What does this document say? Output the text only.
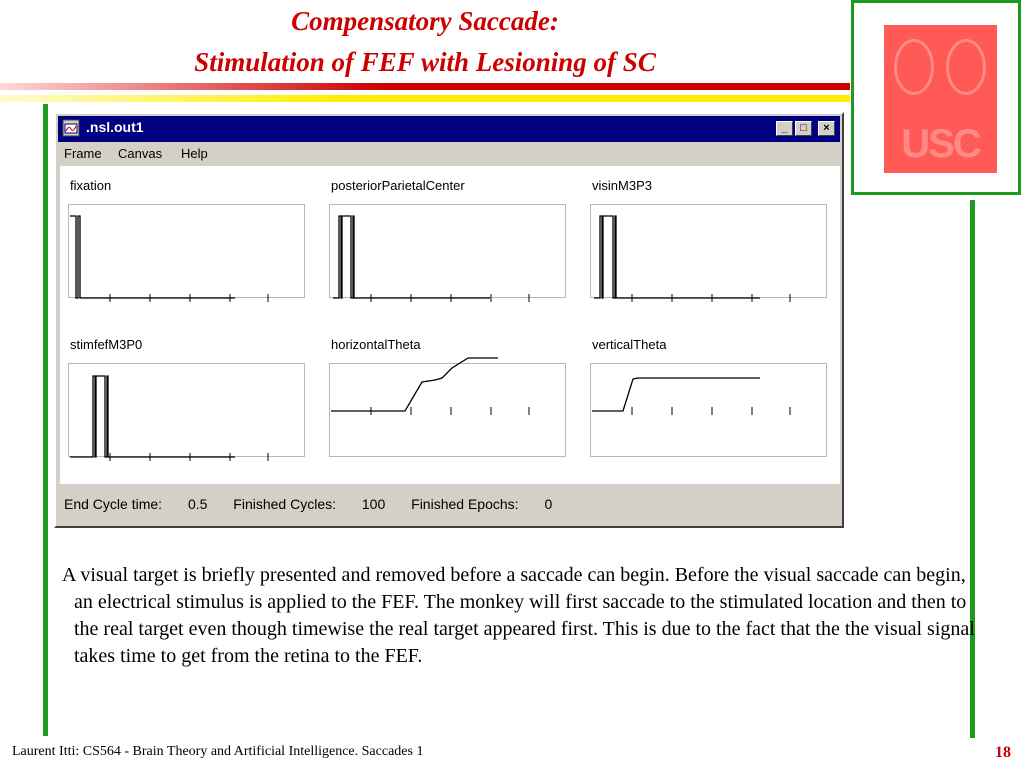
Compensatory Saccade:
Stimulation of FEF with Lesioning of SC
USC
.nsl.out1	_	□	×
Frame Canvas Help
fixation	posteriorParietalCenter	visinM3P3
stimfefM3P0	horizontalTheta	verticalTheta
End Cycle time: 0.5 Finished Cycles: 100 Finished Epochs: 0
A visual target is briefly presented and removed before a saccade can begin. Before the visual saccade can begin, an electrical stimulus is applied to the FEF. The monkey will first saccade to the stimulated location and then to the real target even though timewise the real target appeared first. This is due to the fact that the the visual signal takes time to get from the retina to the FEF.
Laurent Itti: CS564 - Brain Theory and Artificial Intelligence. Saccades 1	18
